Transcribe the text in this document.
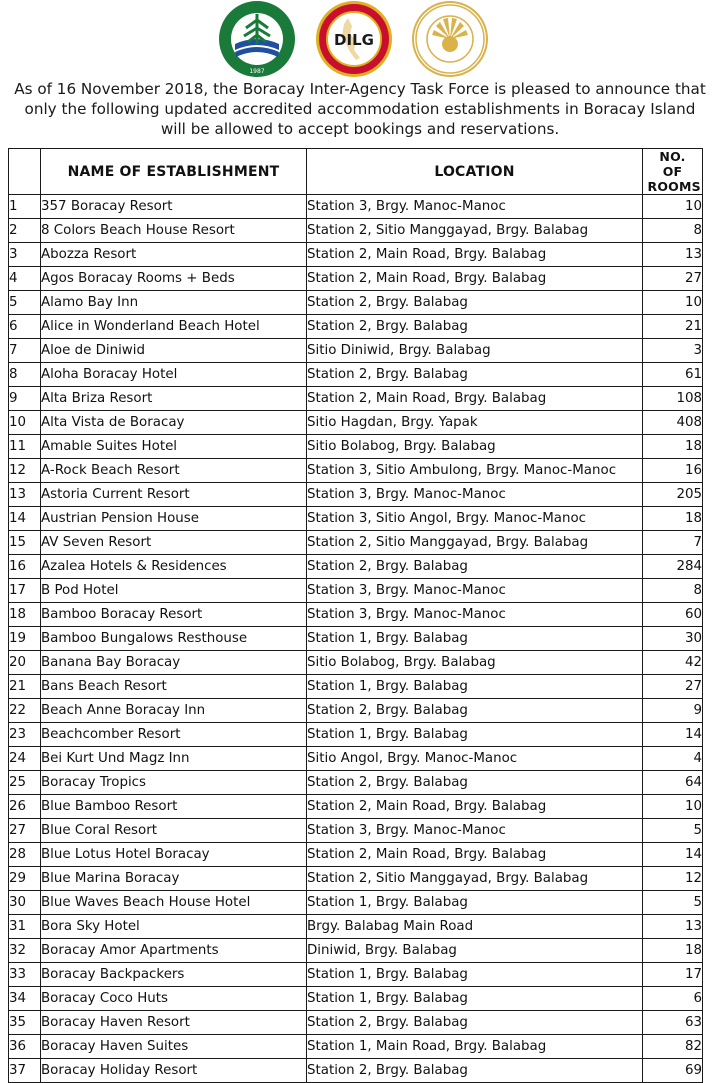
1987
DILG
As of 16 November 2018, the Boracay Inter-Agency Task Force is pleased to announce that
only the following updated accredited accommodation establishments in Boracay Island
will be allowed to accept bookings and reservations.
	NAME OF ESTABLISHMENT	LOCATION	NO. OF ROOMS

1	357 Boracay Resort	Station 3, Brgy. Manoc-Manoc	10
2	8 Colors Beach House Resort	Station 2, Sitio Manggayad, Brgy. Balabag	8
3	Abozza Resort	Station 2, Main Road, Brgy. Balabag	13
4	Agos Boracay Rooms + Beds	Station 2, Main Road, Brgy. Balabag	27
5	Alamo Bay Inn	Station 2, Brgy. Balabag	10
6	Alice in Wonderland Beach Hotel	Station 2, Brgy. Balabag	21
7	Aloe de Diniwid	Sitio Diniwid, Brgy. Balabag	3
8	Aloha Boracay Hotel	Station 2, Brgy. Balabag	61
9	Alta Briza Resort	Station 2, Main Road, Brgy. Balabag	108
10	Alta Vista de Boracay	Sitio Hagdan, Brgy. Yapak	408
11	Amable Suites Hotel	Sitio Bolabog, Brgy. Balabag	18
12	A-Rock Beach Resort	Station 3, Sitio Ambulong, Brgy. Manoc-Manoc	16
13	Astoria Current Resort	Station 3, Brgy. Manoc-Manoc	205
14	Austrian Pension House	Station 3, Sitio Angol, Brgy. Manoc-Manoc	18
15	AV Seven Resort	Station 2, Sitio Manggayad, Brgy. Balabag	7
16	Azalea Hotels & Residences	Station 2, Brgy. Balabag	284
17	B Pod Hotel	Station 3, Brgy. Manoc-Manoc	8
18	Bamboo Boracay Resort	Station 3, Brgy. Manoc-Manoc	60
19	Bamboo Bungalows Resthouse	Station 1, Brgy. Balabag	30
20	Banana Bay Boracay	Sitio Bolabog, Brgy. Balabag	42
21	Bans Beach Resort	Station 1, Brgy. Balabag	27
22	Beach Anne Boracay Inn	Station 2, Brgy. Balabag	9
23	Beachcomber Resort	Station 1, Brgy. Balabag	14
24	Bei Kurt Und Magz Inn	Sitio Angol, Brgy. Manoc-Manoc	4
25	Boracay Tropics	Station 2, Brgy. Balabag	64
26	Blue Bamboo Resort	Station 2, Main Road, Brgy. Balabag	10
27	Blue Coral Resort	Station 3, Brgy. Manoc-Manoc	5
28	Blue Lotus Hotel Boracay	Station 2, Main Road, Brgy. Balabag	14
29	Blue Marina Boracay	Station 2, Sitio Manggayad, Brgy. Balabag	12
30	Blue Waves Beach House Hotel	Station 1, Brgy. Balabag	5
31	Bora Sky Hotel	Brgy. Balabag Main Road	13
32	Boracay Amor Apartments	Diniwid, Brgy. Balabag	18
33	Boracay Backpackers	Station 1, Brgy. Balabag	17
34	Boracay Coco Huts	Station 1, Brgy. Balabag	6
35	Boracay Haven Resort	Station 2, Brgy. Balabag	63
36	Boracay Haven Suites	Station 1, Main Road, Brgy. Balabag	82
37	Boracay Holiday Resort	Station 2, Brgy. Balabag	69
